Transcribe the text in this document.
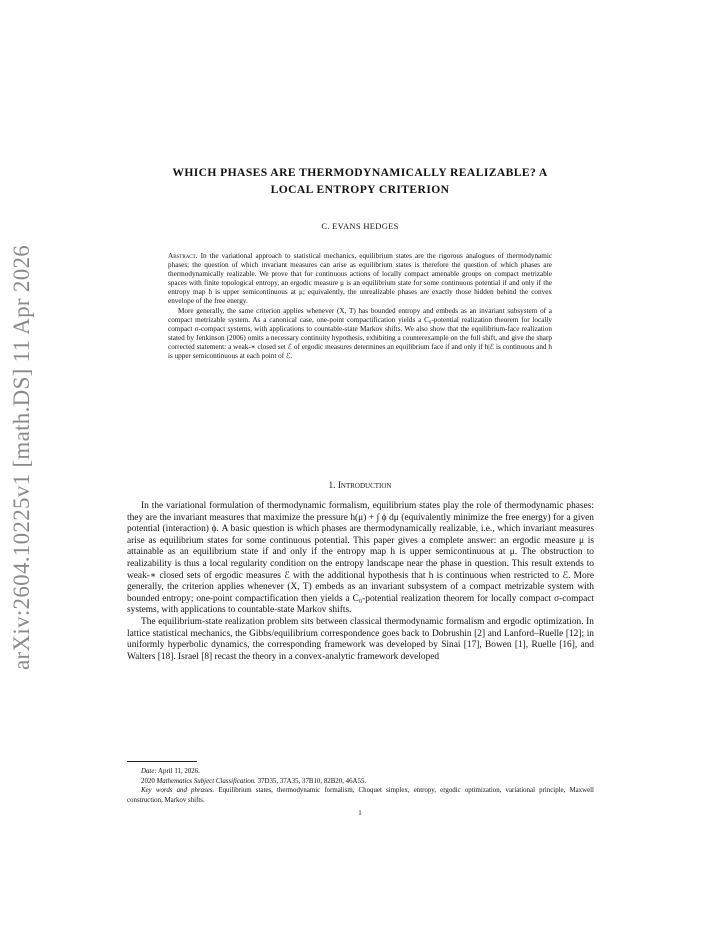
arXiv:2604.10225v1 [math.DS] 11 Apr 2026
WHICH PHASES ARE THERMODYNAMICALLY REALIZABLE? A
LOCAL ENTROPY CRITERION
C. EVANS HEDGES

Abstract. In the variational approach to statistical mechanics, equilibrium states are the rigorous analogues of thermodynamic phases; the question of which invariant measures can arise as equilibrium states is therefore the question of which phases are thermodynamically realizable. We prove that for continuous actions of locally compact amenable groups on compact metrizable spaces with finite topological entropy, an ergodic measure μ is an equilibrium state for some continuous potential if and only if the entropy map h is upper semicontinuous at μ; equivalently, the unrealizable phases are exactly those hidden behind the convex envelope of the free energy.

More generally, the same criterion applies whenever (X, T) has bounded entropy and embeds as an invariant subsystem of a compact metrizable system. As a canonical case, one-point compactification yields a C₀-potential realization theorem for locally compact σ-compact systems, with applications to countable-state Markov shifts. We also show that the equilibrium-face realization stated by Jenkinson (2006) omits a necessary continuity hypothesis, exhibiting a counterexample on the full shift, and give the sharp corrected statement: a weak-∗ closed set ℰ of ergodic measures determines an equilibrium face if and only if h|ℰ is continuous and h is upper semicontinuous at each point of ℰ.

1. Introduction

In the variational formulation of thermodynamic formalism, equilibrium states play the role of thermodynamic phases: they are the invariant measures that maximize the pressure h(μ) + ∫ ϕ dμ (equivalently minimize the free energy) for a given potential (interaction) ϕ. A basic question is which phases are thermodynamically realizable, i.e., which invariant measures arise as equilibrium states for some continuous potential. This paper gives a complete answer: an ergodic measure μ is attainable as an equilibrium state if and only if the entropy map h is upper semicontinuous at μ. The obstruction to realizability is thus a local regularity condition on the entropy landscape near the phase in question. This result extends to weak-∗ closed sets of ergodic measures ℰ with the additional hypothesis that h is continuous when restricted to ℰ. More generally, the criterion applies whenever (X, T) embeds as an invariant subsystem of a compact metrizable system with bounded entropy; one-point compactification then yields a C₀-potential realization theorem for locally compact σ-compact systems, with applications to countable-state Markov shifts.

The equilibrium-state realization problem sits between classical thermodynamic formalism and ergodic optimization. In lattice statistical mechanics, the Gibbs/equilibrium correspondence goes back to Dobrushin [2] and Lanford–Ruelle [12]; in uniformly hyperbolic dynamics, the corresponding framework was developed by Sinai [17], Bowen [1], Ruelle [16], and Walters [18]. Israel [8] recast the theory in a convex-analytic framework developed

Date: April 11, 2026.

2020 Mathematics Subject Classification. 37D35, 37A35, 37B10, 82B20, 46A55.

Key words and phrases. Equilibrium states, thermodynamic formalism, Choquet simplex, entropy, ergodic optimization, variational principle, Maxwell construction, Markov shifts.

1
